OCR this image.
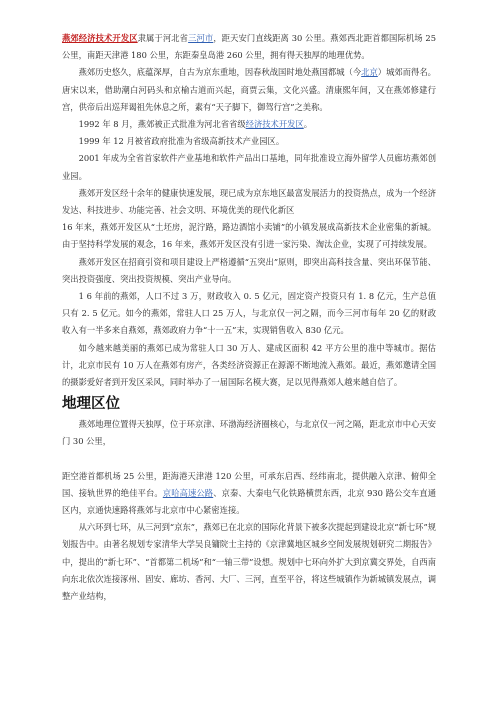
燕郊经济技术开发区隶属于河北省三河市，距天安门直线距离 30 公里。燕郊西北距首都国际机场 25 公里，南距天津港 180 公里，东距秦皇岛港 260 公里，拥有得天独厚的地理优势。

燕郊历史悠久，底蕴深厚，自古为京东重地，因春秋战国时地处燕国都城（今北京）城郊而得名。唐宋以来，借助潮白河码头和京榆古道而兴起，商贾云集，文化兴盛。清康熙年间，又在燕郊修建行宫，供帝后出巡拜谒祖先休息之所，素有“天子脚下，御驾行宫”之美称。

1992 年 8 月，燕郊被正式批准为河北省省级经济技术开发区。

1999 年 12 月被省政府批准为省级高新技术产业园区。

2001 年成为全省首家软件产业基地和软件产品出口基地，同年批准设立海外留学人员廊坊燕郊创业园。

燕郊开发区经十余年的健康快速发展，现已成为京东地区最富发展活力的投资热点，成为一个经济发达、科技进步、功能完善、社会文明、环境优美的现代化新区

16 年来，燕郊开发区从“土坯房，泥泞路，路边酒馆小卖铺”的小镇发展成高新技术企业密集的新城。由于坚持科学发展的观念，16 年来，燕郊开发区没有引进一家污染、淘汰企业，实现了可持续发展。

燕郊开发区在招商引资和项目建设上严格遵循“五突出”原则，即突出高科技含量、突出环保节能、突出投资强度、突出投资规模、突出产业导向。

1 6 年前的燕郊，人口不过 3 万，财政收入 0. 5 亿元，固定资产投资只有 1. 8 亿元，生产总值只有 2. 5 亿元。如今的燕郊，常驻人口 25 万人，与北京仅一河之隔，而今三河市每年 20 亿的财政收入有一半多来自燕郊，燕郊政府力争“十一五”末，实现销售收入 830 亿元。

如今越来越美丽的燕郊已成为常驻人口 30 万人、建成区面积 42 平方公里的准中等城市。据估计，北京市民有 10 万人在燕郊有房产，各类经济资源正在源源不断地流入燕郊。最近，燕郊邀请全国的摄影爱好者到开发区采风，同时举办了一届国际名模大赛，足以见得燕郊人越来越自信了。

地理区位

燕郊地理位置得天独厚，位于环京津、环渤海经济圈核心，与北京仅一河之隔，距北京市中心天安门 30 公里，

距空港首都机场 25 公里，距海港天津港 120 公里，可承东启西、经纬南北，提供融入京津、俯仰全国、接轨世界的绝佳平台。京哈高速公路、京秦、大秦电气化铁路横贯东西，北京 930 路公交车直通区内，京通快速路将燕郊与北京市中心紧密连接。

从六环到七环，从三河到“京东”，燕郊已在北京的国际化背景下被多次提起到建设北京“新七环”规划报告中。由著名规划专家清华大学吴良镛院士主持的《京津冀地区城乡空间发展规划研究二期报告》中，提出的“新七环”、“首都第二机场”和“一轴三带”设想。规划中七环向外扩大到京冀交界处，自西南向东北依次连接涿州、固安、廊坊、香河、大厂、三河，直至平谷，将这些城镇作为新城镇发展点，调整产业结构，
